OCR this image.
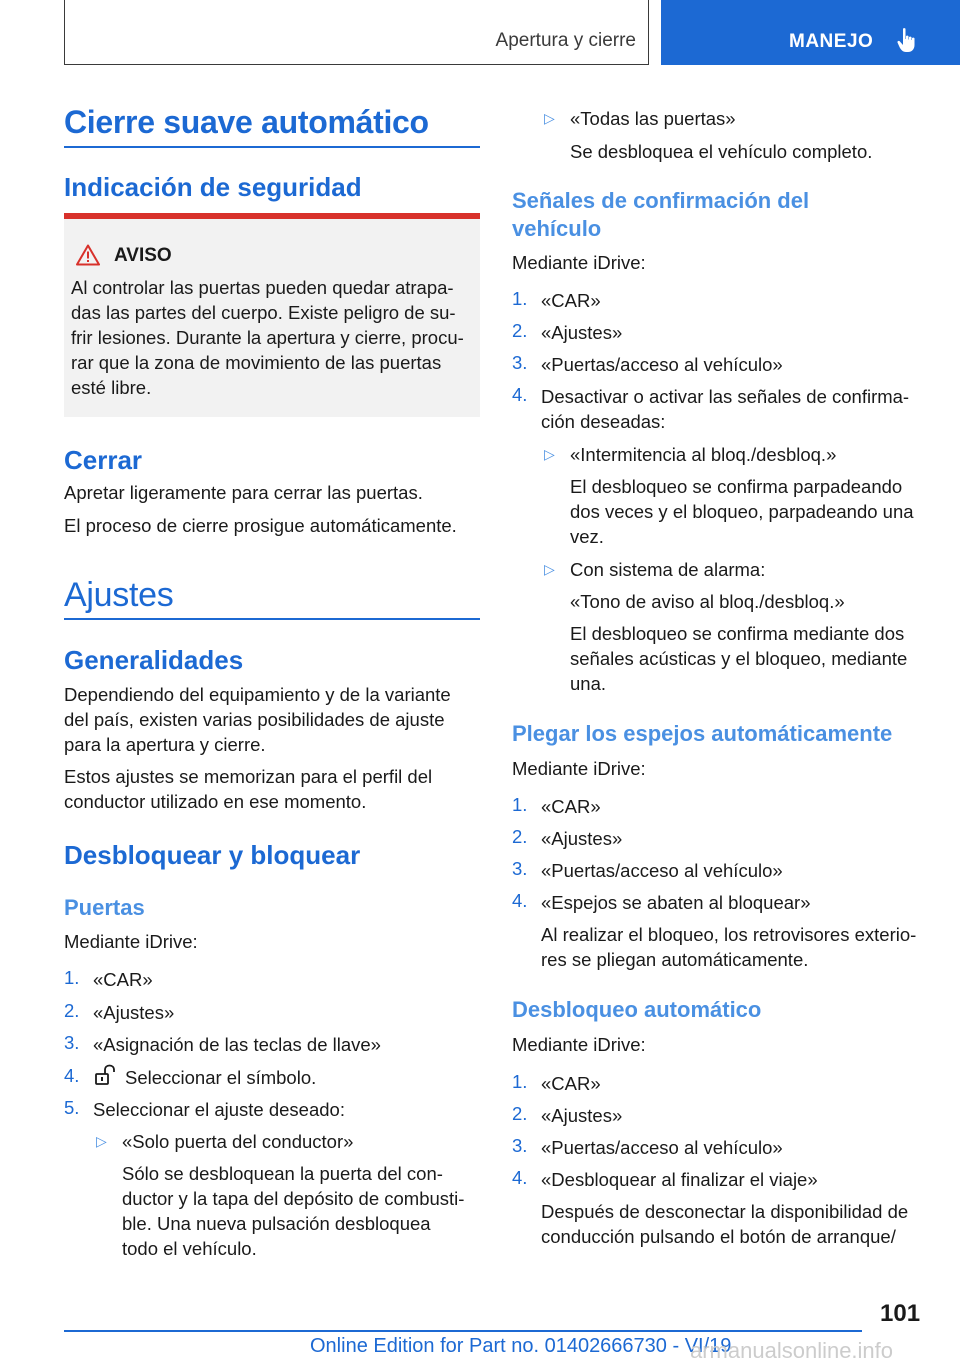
Apertura y cierre	MANEJO
Cierre suave automático
Indicación de seguridad
AVISO
Al controlar las puertas pueden quedar atrapa-
das las partes del cuerpo. Existe peligro de su-
frir lesiones. Durante la apertura y cierre, procu-
rar que la zona de movimiento de las puertas
esté libre.
Cerrar
Apretar ligeramente para cerrar las puertas.
El proceso de cierre prosigue automáticamente.
Ajustes
Generalidades
Dependiendo del equipamiento y de la variante
del país, existen varias posibilidades de ajuste
para la apertura y cierre.
Estos ajustes se memorizan para el perfil del
conductor utilizado en ese momento.
Desbloquear y bloquear
Puertas
Mediante iDrive:
1. «CAR»
2. «Ajustes»
3. «Asignación de las teclas de llave»
4. Seleccionar el símbolo.
5. Seleccionar el ajuste deseado:
▷ «Solo puerta del conductor»
Sólo se desbloquean la puerta del con-
ductor y la tapa del depósito de combusti-
ble. Una nueva pulsación desbloquea
todo el vehículo.
▷ «Todas las puertas»
Se desbloquea el vehículo completo.
Señales de confirmación del
vehículo
Mediante iDrive:
1. «CAR»
2. «Ajustes»
3. «Puertas/acceso al vehículo»
4. Desactivar o activar las señales de confirma-
ción deseadas:
▷ «Intermitencia al bloq./desbloq.»
El desbloqueo se confirma parpadeando
dos veces y el bloqueo, parpadeando una
vez.
▷ Con sistema de alarma:
«Tono de aviso al bloq./desbloq.»
El desbloqueo se confirma mediante dos
señales acústicas y el bloqueo, mediante
una.
Plegar los espejos automáticamente
Mediante iDrive:
1. «CAR»
2. «Ajustes»
3. «Puertas/acceso al vehículo»
4. «Espejos se abaten al bloquear»
Al realizar el bloqueo, los retrovisores exterio-
res se pliegan automáticamente.
Desbloqueo automático
Mediante iDrive:
1. «CAR»
2. «Ajustes»
3. «Puertas/acceso al vehículo»
4. «Desbloquear al finalizar el viaje»
Después de desconectar la disponibilidad de
conducción pulsando el botón de arranque/
101
Online Edition for Part no. 01402666730 - VI/19
armanualsonline.info
